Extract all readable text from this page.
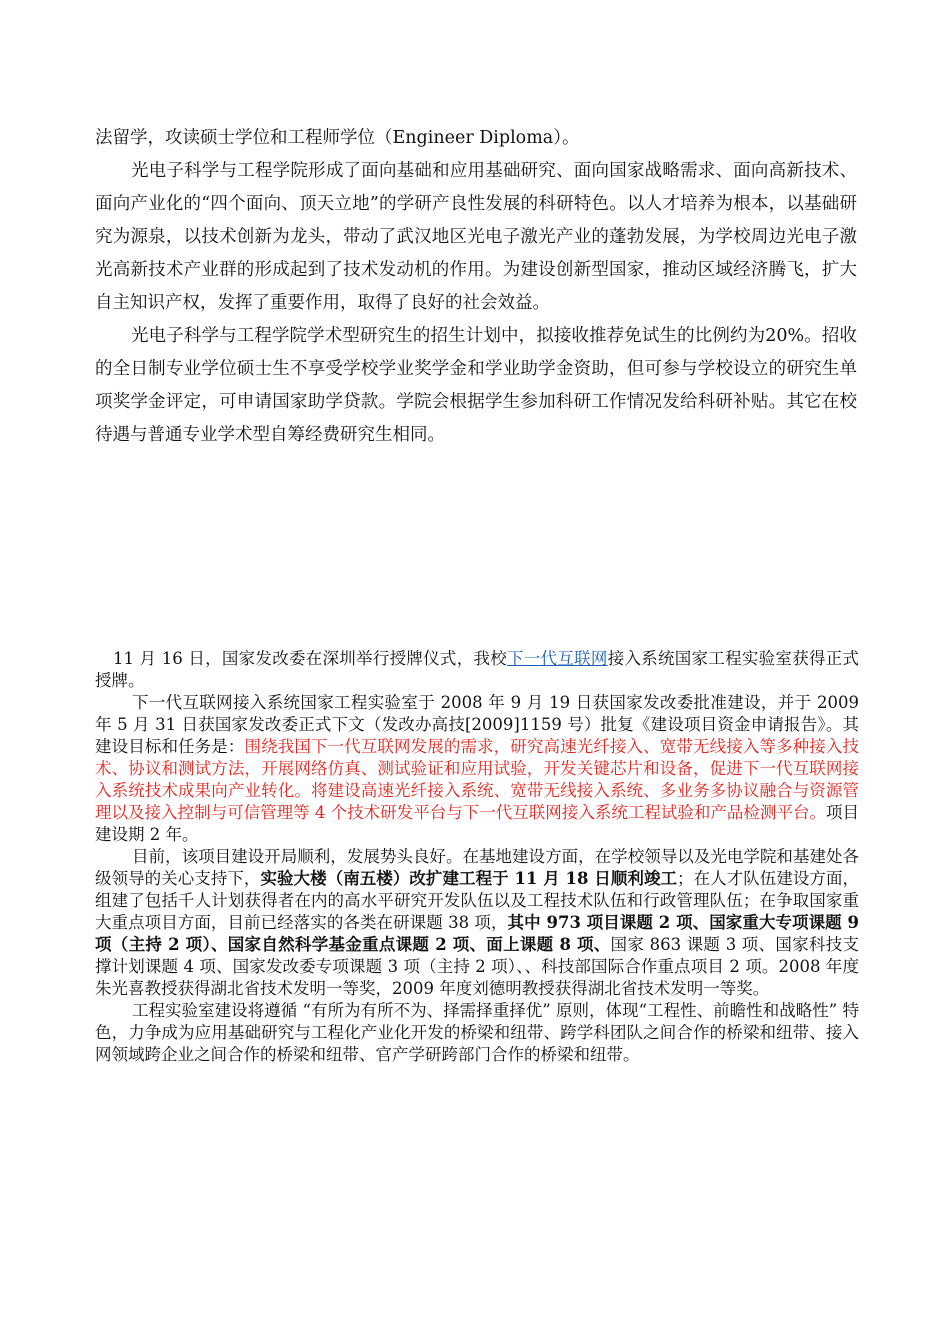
法留学，攻读硕士学位和工程师学位（Engineer Diploma）。

光电子科学与工程学院形成了面向基础和应用基础研究、面向国家战略需求、面向高新技术、面向产业化的“四个面向、顶天立地”的学研产良性发展的科研特色。以人才培养为根本，以基础研究为源泉，以技术创新为龙头，带动了武汉地区光电子激光产业的蓬勃发展，为学校周边光电子激光高新技术产业群的形成起到了技术发动机的作用。为建设创新型国家，推动区域经济腾飞，扩大自主知识产权，发挥了重要作用，取得了良好的社会效益。

光电子科学与工程学院学术型研究生的招生计划中，拟接收推荐免试生的比例约为20%。招收的全日制专业学位硕士生不享受学校学业奖学金和学业助学金资助，但可参与学校设立的研究生单项奖学金评定，可申请国家助学贷款。学院会根据学生参加科研工作情况发给科研补贴。其它在校待遇与普通专业学术型自筹经费研究生相同。

11 月 16 日，国家发改委在深圳举行授牌仪式，我校下一代互联网接入系统国家工程实验室获得正式授牌。

下一代互联网接入系统国家工程实验室于 2008 年 9 月 19 日获国家发改委批准建设，并于 2009 年 5 月 31 日获国家发改委正式下文（发改办高技[2009]1159 号）批复《建设项目资金申请报告》。其建设目标和任务是：围绕我国下一代互联网发展的需求，研究高速光纤接入、宽带无线接入等多种接入技术、协议和测试方法，开展网络仿真、测试验证和应用试验，开发关键芯片和设备，促进下一代互联网接入系统技术成果向产业转化。将建设高速光纤接入系统、宽带无线接入系统、多业务多协议融合与资源管理以及接入控制与可信管理等 4 个技术研发平台与下一代互联网接入系统工程试验和产品检测平台。项目建设期 2 年。

目前，该项目建设开局顺利，发展势头良好。在基地建设方面，在学校领导以及光电学院和基建处各级领导的关心支持下，实验大楼（南五楼）改扩建工程于 11 月 18 日顺利竣工；在人才队伍建设方面，组建了包括千人计划获得者在内的高水平研究开发队伍以及工程技术队伍和行政管理队伍；在争取国家重大重点项目方面，目前已经落实的各类在研课题 38 项，其中 973 项目课题 2 项、国家重大专项课题 9 项（主持 2 项）、国家自然科学基金重点课题 2 项、面上课题 8 项、国家 863 课题 3 项、国家科技支撑计划课题 4 项、国家发改委专项课题 3 项（主持 2 项）、、科技部国际合作重点项目 2 项。2008 年度朱光喜教授获得湖北省技术发明一等奖，2009 年度刘德明教授获得湖北省技术发明一等奖。

工程实验室建设将遵循 “有所为有所不为、择需择重择优” 原则，体现“工程性、前瞻性和战略性” 特色，力争成为应用基础研究与工程化产业化开发的桥梁和纽带、跨学科团队之间合作的桥梁和纽带、接入网领域跨企业之间合作的桥梁和纽带、官产学研跨部门合作的桥梁和纽带。
